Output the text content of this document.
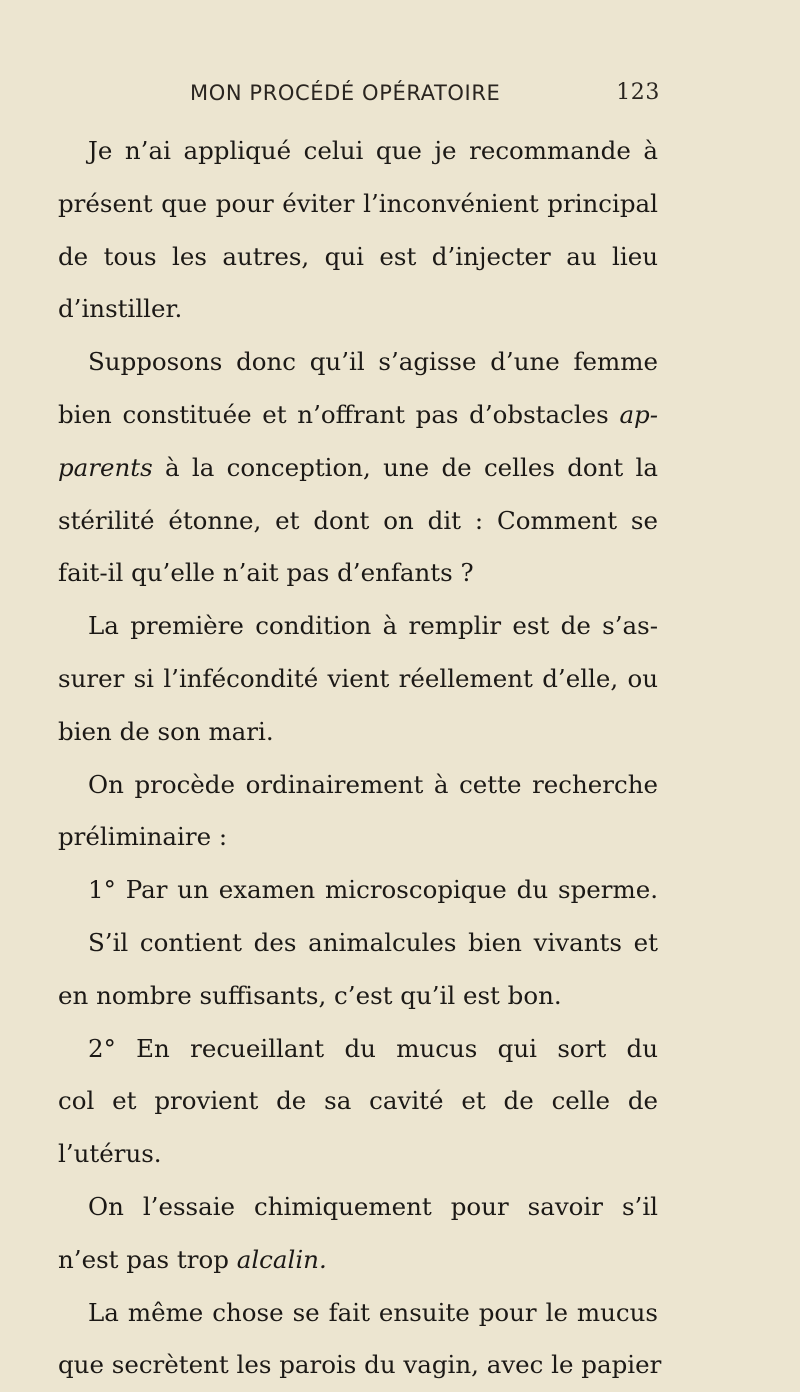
MON PROCÉDÉ OPÉRATOIRE	123
Je n’ai appliqué celui que je recommande à
présent que pour éviter l’inconvénient principal
de tous les autres, qui est d’injecter au lieu
d’instiller.
Supposons donc qu’il s’agisse d’une femme
bien constituée et n’offrant pas d’obstacles ap-
parents à la conception, une de celles dont la
stérilité étonne, et dont on dit : Comment se
fait-il qu’elle n’ait pas d’enfants ?
La première condition à remplir est de s’as-
surer si l’infécondité vient réellement d’elle, ou
bien de son mari.
On procède ordinairement à cette recherche
préliminaire :
1° Par un examen microscopique du sperme.
S’il contient des animalcules bien vivants et
en nombre suffisants, c’est qu’il est bon.
2° En recueillant du mucus qui sort du
col et provient de sa cavité et de celle de
l’utérus.
On l’essaie chimiquement pour savoir s’il
n’est pas trop alcalin.
La même chose se fait ensuite pour le mucus
que secrètent les parois du vagin, avec le papier
